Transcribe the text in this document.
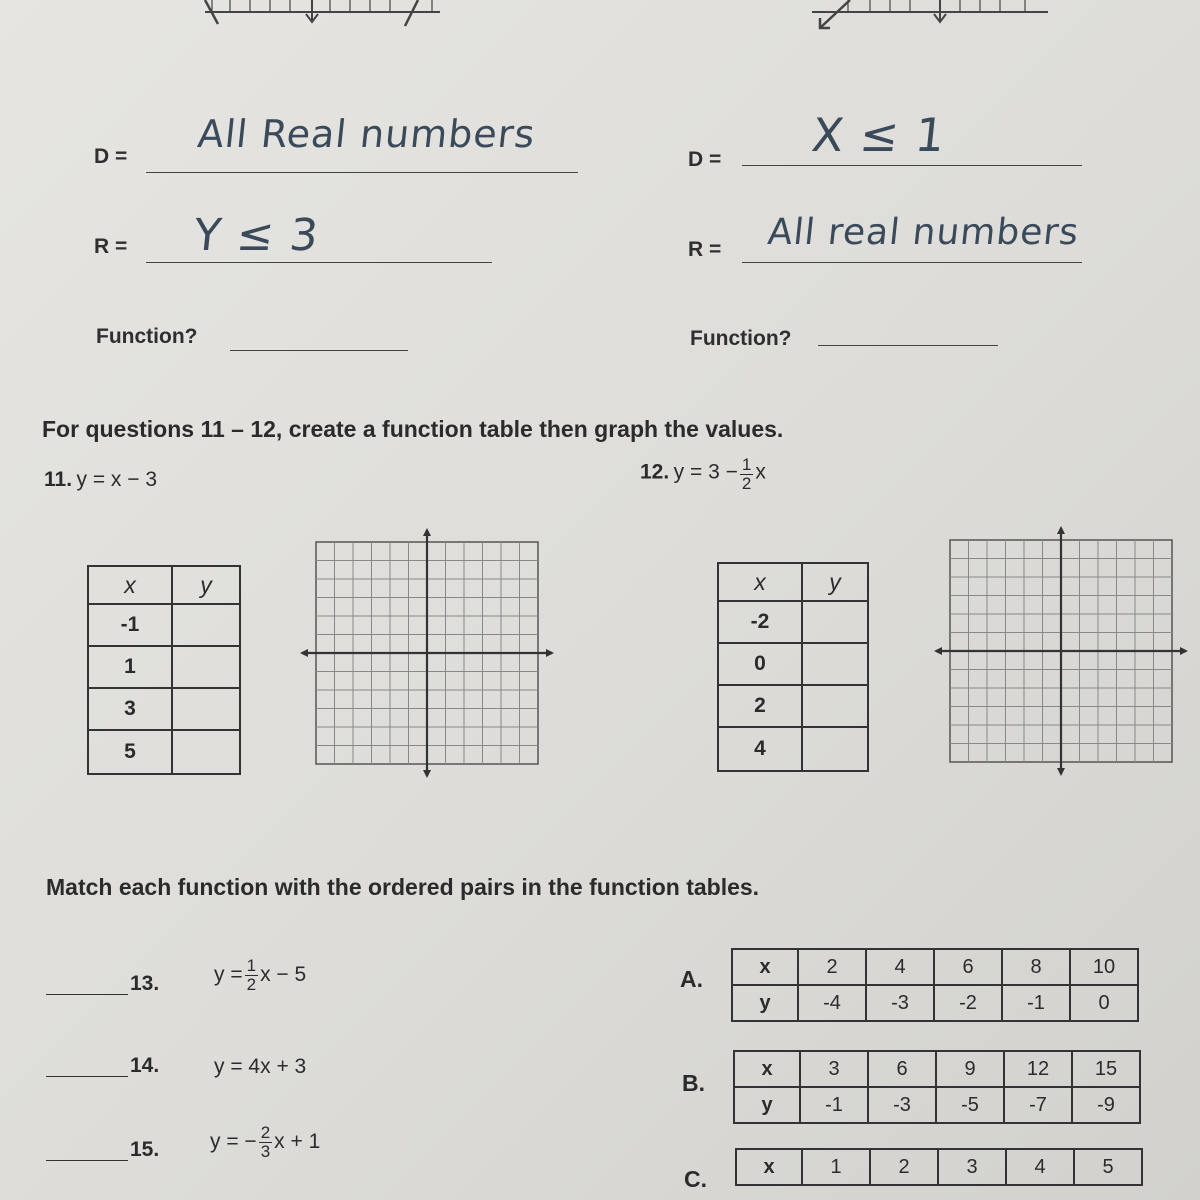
D =
All Real numbers
D = X ≤ 1
R = Y ≤ 3	R = All real numbers
Function?	Function?
For questions 11 – 12, create a function table then graph the values.
11. y = x − 3	12. $y = 3 - \frac{1}{2}$ x
x	y
-1	
1	
3	
5	
x	y
-2	
0	
2	
4	
Match each function with the ordered pairs in the function tables.
13.	$y = \frac{1}{2}$ x − 5
14.	y = 4x + 3
15. y = − $\frac{2}{3}$ x + 1
A.	x	2	4	6	8	10
y	-4	-3	-2	-1	0
B.
x	3	6	9	12	15
y	-1	-3	-5	-7	-9
C.	x	1	2	3	4	5
